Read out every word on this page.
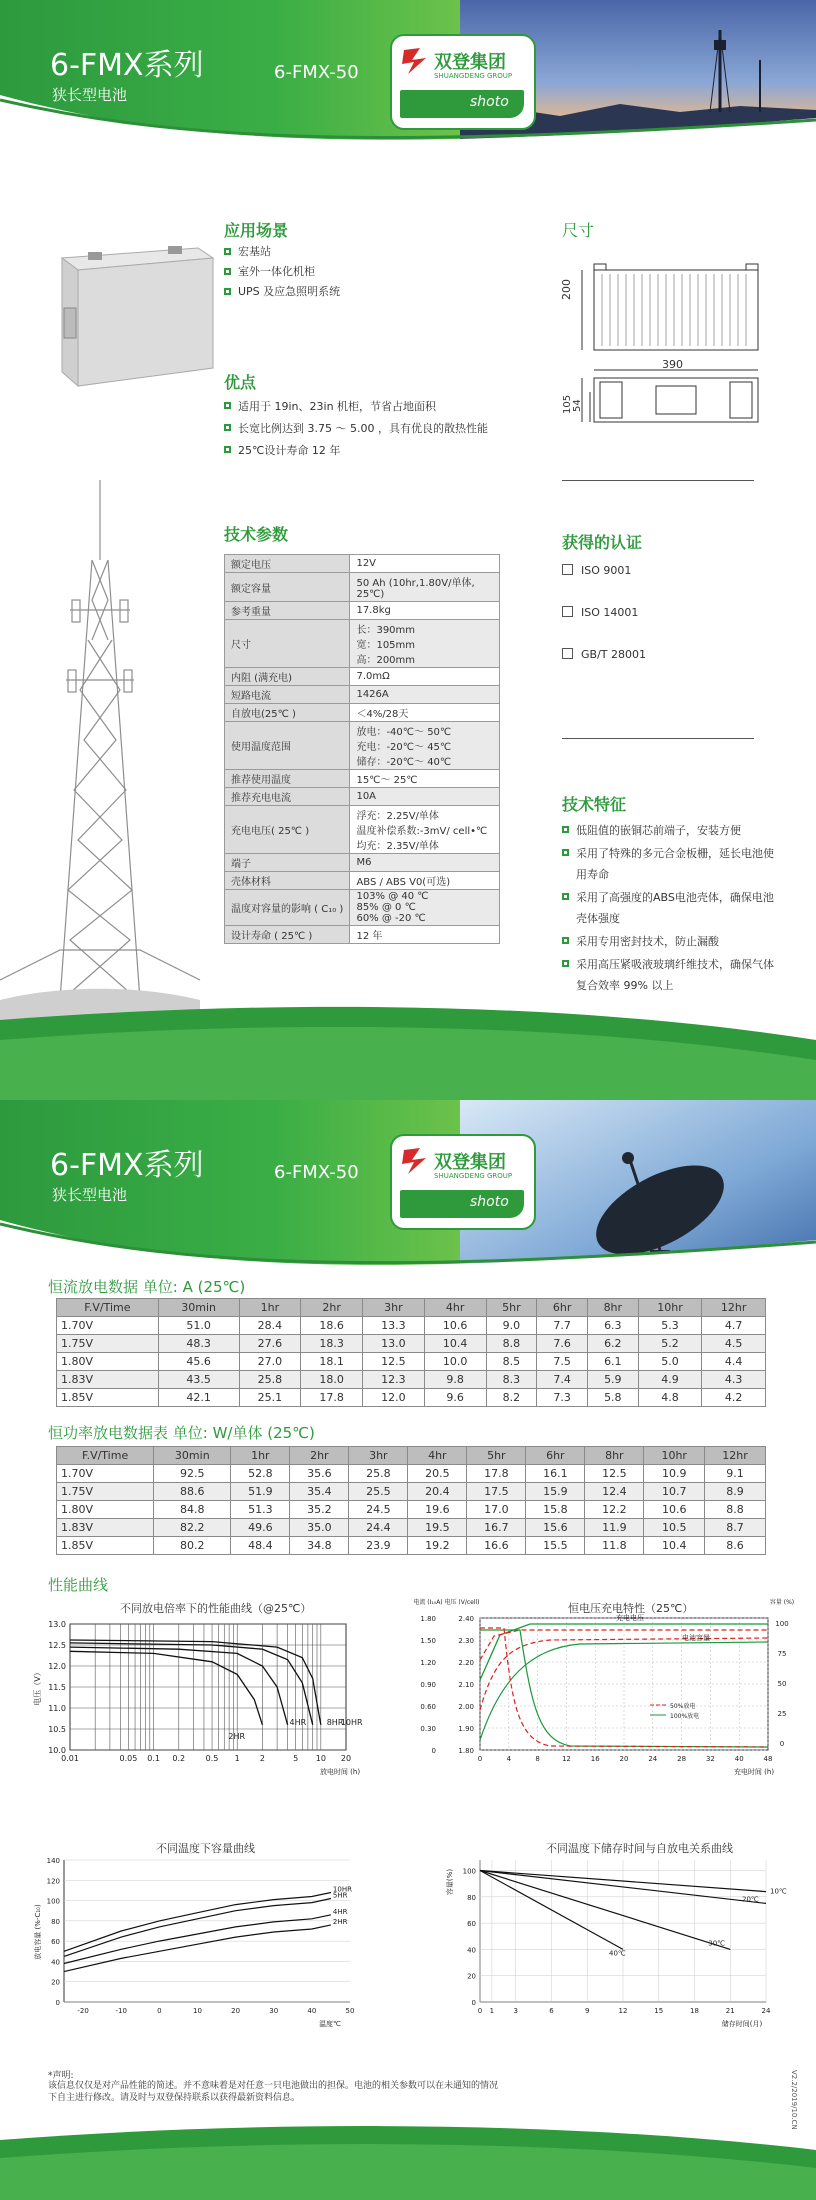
6-FMX系列
狭长型电池
6-FMX-50	双登集团
SHUANGDENG GROUP
shoto
应用场景
宏基站
室外一体化机柜
UPS 及应急照明系统
优点
适用于 19in、23in 机柜，节省占地面积
长宽比例达到 3.75 ～ 5.00 ，具有优良的散热性能
25℃设计寿命 12 年
尺寸
200
390
105 54
技术参数
额定电压	12V

额定容量	50 Ah (10hr,1.80V/单体, 25℃)

参考重量	17.8kg

尺寸	长：390mm
宽：105mm
高：200mm

内阻 (满充电)	7.0mΩ

短路电流	1426A

自放电(25℃ )	＜4%/28天

使用温度范围	放电：-40℃～ 50℃
充电：-20℃～ 45℃
储存：-20℃～ 40℃

推荐使用温度	15℃～ 25℃

推荐充电电流	10A

充电电压( 25℃ )	浮充：2.25V/单体
温度补偿系数:-3mV/ cell•℃
均充：2.35V/单体

端子	M6

壳体材料	ABS / ABS V0(可选)

温度对容量的影响 ( C₁₀ )	103% @ 40 ℃
85% @ 0 ℃
60% @ -20 ℃

设计寿命 ( 25℃ )	12 年
获得的认证
ISO 9001
ISO 14001
GB/T 28001
技术特征
低阻值的嵌铜芯前端子，安装方便
采用了特殊的多元合金板栅，延长电池使用寿命
采用了高强度的ABS电池壳体，确保电池壳体强度
采用专用密封技术，防止漏酸
采用高压紧吸液玻璃纤维技术，确保气体复合效率 99% 以上
6-FMX系列
狭长型电池
6-FMX-50	双登集团
SHUANGDENG GROUP
shoto
恒流放电数据 单位: A (25℃)
F.V/Time	30min	1hr	2hr	3hr	4hr	5hr	6hr	8hr	10hr	12hr
1.70V	51.0	28.4	18.6	13.3	10.6	9.0	7.7	6.3	5.3	4.7
1.75V	48.3	27.6	18.3	13.0	10.4	8.8	7.6	6.2	5.2	4.5
1.80V	45.6	27.0	18.1	12.5	10.0	8.5	7.5	6.1	5.0	4.4
1.83V	43.5	25.8	18.0	12.3	9.8	8.3	7.4	5.9	4.9	4.3
1.85V	42.1	25.1	17.8	12.0	9.6	8.2	7.3	5.8	4.8	4.2
恒功率放电数据表 单位: W/单体 (25℃)
F.V/Time	30min	1hr	2hr	3hr	4hr	5hr	6hr	8hr	10hr	12hr
1.70V	92.5	52.8	35.6	25.8	20.5	17.8	16.1	12.5	10.9	9.1
1.75V	88.6	51.9	35.4	25.5	20.4	17.5	15.9	12.4	10.7	8.9
1.80V	84.8	51.3	35.2	24.5	19.6	17.0	15.8	12.2	10.6	8.8
1.83V	82.2	49.6	35.0	24.4	19.5	16.7	15.6	11.9	10.5	8.7
1.85V	80.2	48.4	34.8	23.9	19.2	16.6	15.5	11.8	10.4	8.6
性能曲线
不同放电倍率下的性能曲线（@25℃）
13.0
12.5
12.0
11.5
11.0
10.5
10.0
0.01	0.05 0.1 0.2	0.5 1	2	5 10 20
2HR
4HR	8HR
10HR
电压（V）
放电时间 (h)
恒电压充电特性（25℃）
0	4	8	12	16	20	24	28	32	40	48
1.80	2.40
1.50	2.30
1.20	2.20
0.90	2.10
0.60	2.00
0.30	1.90
0	1.80
100
75
50
25
0
充电电压
电池容量
50%放电
100%放电
电流 (I₁₀A) 电压 (V/cell)	容量 (%)
充电时间 (h)
不同温度下容量曲线
140
120
100
80
60
40
20
0
-20	-10	0	10	20	30	40	50
10HR
5HR
4HR
2HR
放电容量 (%-C₁₀)
温度℃
不同温度下储存时间与自放电关系曲线
100
80
60
40
20
0
0 1	3	6	9	12	15	18	21	24
10℃
20℃
30℃
40℃
容量(%)
储存时间(月)
*声明:
该信息仅仅是对产品性能的简述。并不意味着是对任意一只电池做出的担保。电池的相关参数可以在未通知的情况下自主进行修改。请及时与双登保持联系以获得最新资料信息。	V2.2/2019/10.CN
